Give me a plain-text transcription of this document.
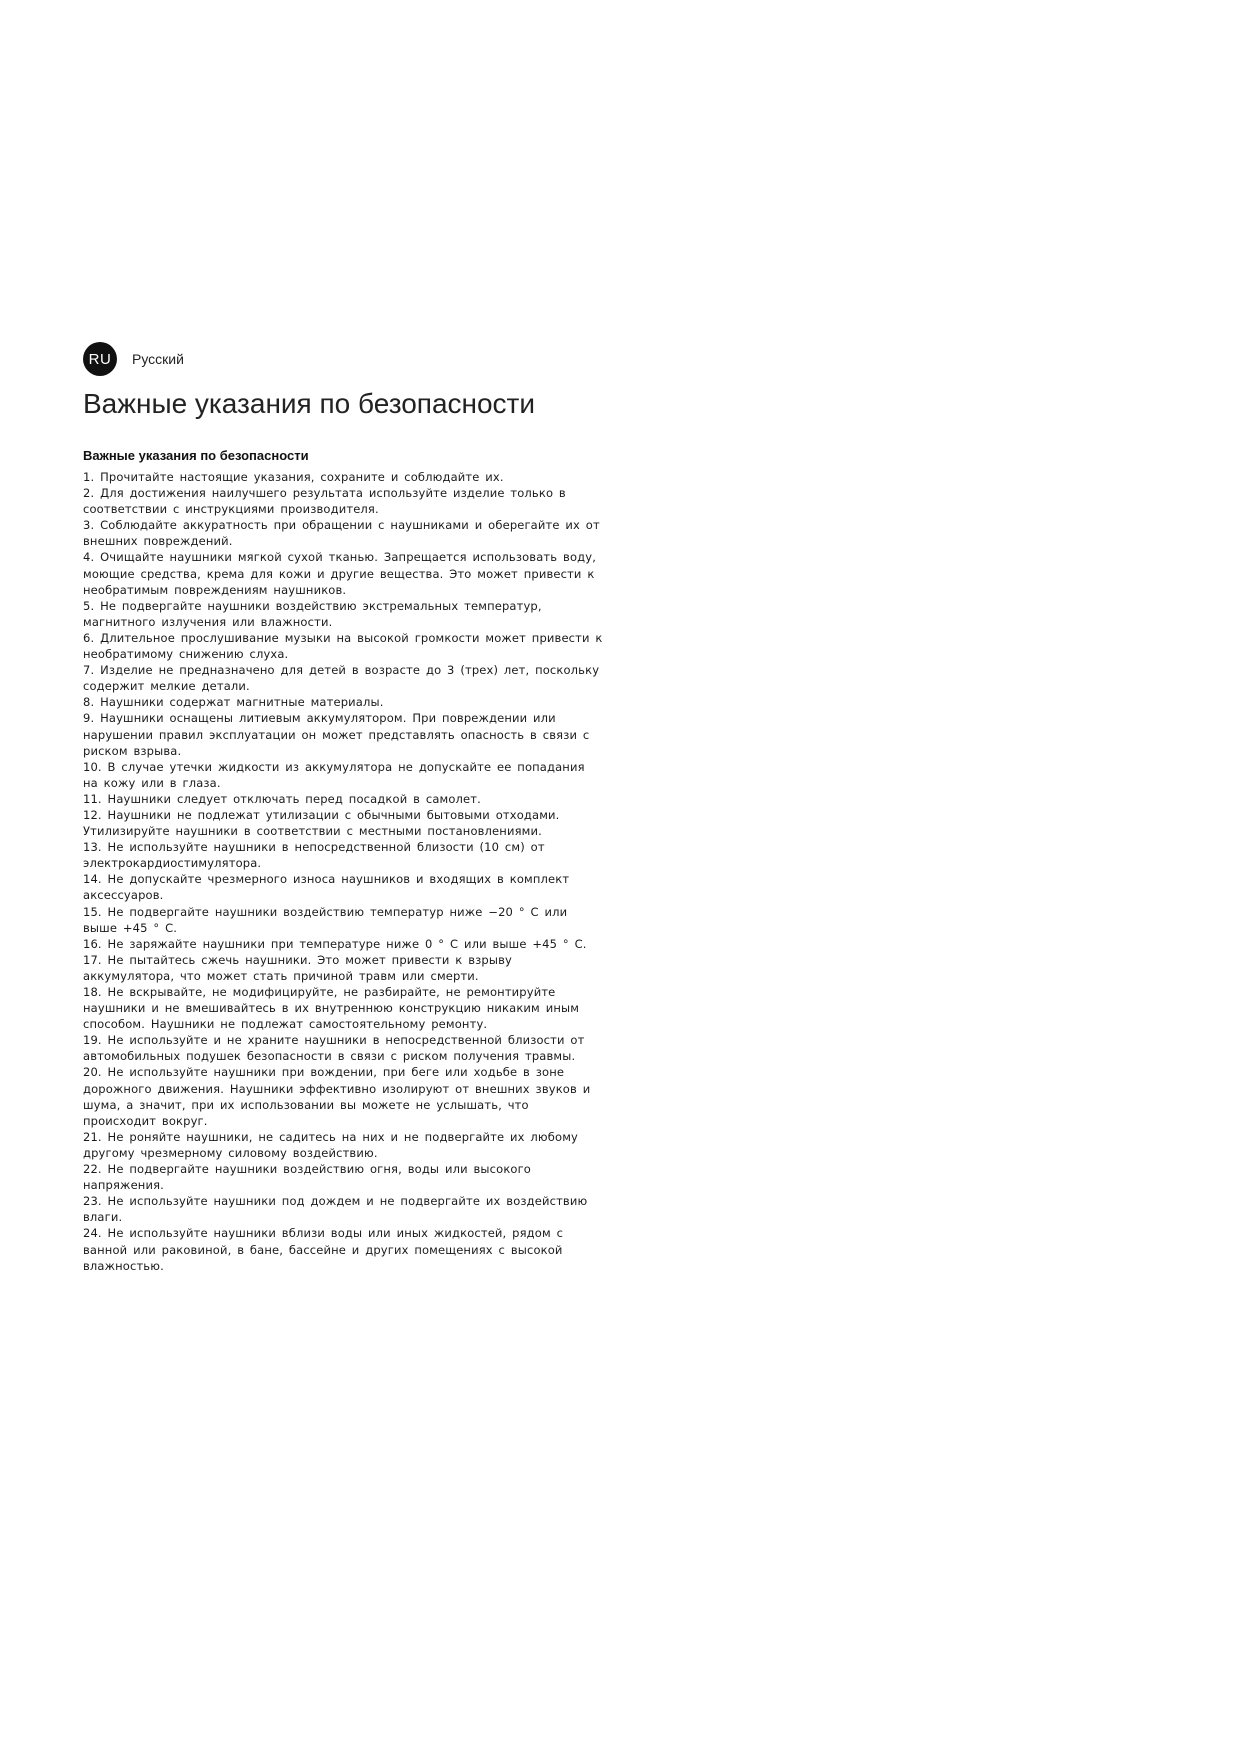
RU	Русский
Важные указания по безопасности
Важные указания по безопасности
1. Прочитайте настоящие указания, сохраните и соблюдайте их.
2. Для достижения наилучшего результата используйте изделие только в соответствии с инструкциями производителя.
3. Соблюдайте аккуратность при обращении с наушниками и оберегайте их от внешних повреждений.
4. Очищайте наушники мягкой сухой тканью. Запрещается использовать воду, моющие средства, крема для кожи и другие вещества. Это может привести к необратимым повреждениям наушников.
5. Не подвергайте наушники воздействию экстремальных температур, магнитного излучения или влажности.
6. Длительное прослушивание музыки на высокой громкости может привести к необратимому снижению слуха.
7. Изделие не предназначено для детей в возрасте до 3 (трех) лет, поскольку содержит мелкие детали.
8. Наушники содержат магнитные материалы.
9. Наушники оснащены литиевым аккумулятором. При повреждении или нарушении правил эксплуатации он может представлять опасность в связи с риском взрыва.
10. В случае утечки жидкости из аккумулятора не допускайте ее попадания на кожу или в глаза.
11. Наушники следует отключать перед посадкой в самолет.
12. Наушники не подлежат утилизации с обычными бытовыми отходами. Утилизируйте наушники в соответствии с местными постановлениями.
13. Не используйте наушники в непосредственной близости (10 см) от электрокардиостимулятора.
14. Не допускайте чрезмерного износа наушников и входящих в комплект аксессуаров.
15. Не подвергайте наушники воздействию температур ниже −20 ° C или выше +45 ° C.
16. Не заряжайте наушники при температуре ниже 0 ° C или выше +45 ° C.
17. Не пытайтесь сжечь наушники. Это может привести к взрыву аккумулятора, что может стать причиной травм или смерти.
18. Не вскрывайте, не модифицируйте, не разбирайте, не ремонтируйте наушники и не вмешивайтесь в их внутреннюю конструкцию никаким иным способом. Наушники не подлежат самостоятельному ремонту.
19. Не используйте и не храните наушники в непосредственной близости от автомобильных подушек безопасности в связи с риском получения травмы.
20. Не используйте наушники при вождении, при беге или ходьбе в зоне дорожного движения. Наушники эффективно изолируют от внешних звуков и шума, а значит, при их использовании вы можете не услышать, что происходит вокруг.
21. Не роняйте наушники, не садитесь на них и не подвергайте их любому другому чрезмерному силовому воздействию.
22. Не подвергайте наушники воздействию огня, воды или высокого напряжения.
23. Не используйте наушники под дождем и не подвергайте их воздействию влаги.
24. Не используйте наушники вблизи воды или иных жидкостей, рядом с ванной или раковиной, в бане, бассейне и других помещениях с высокой влажностью.
